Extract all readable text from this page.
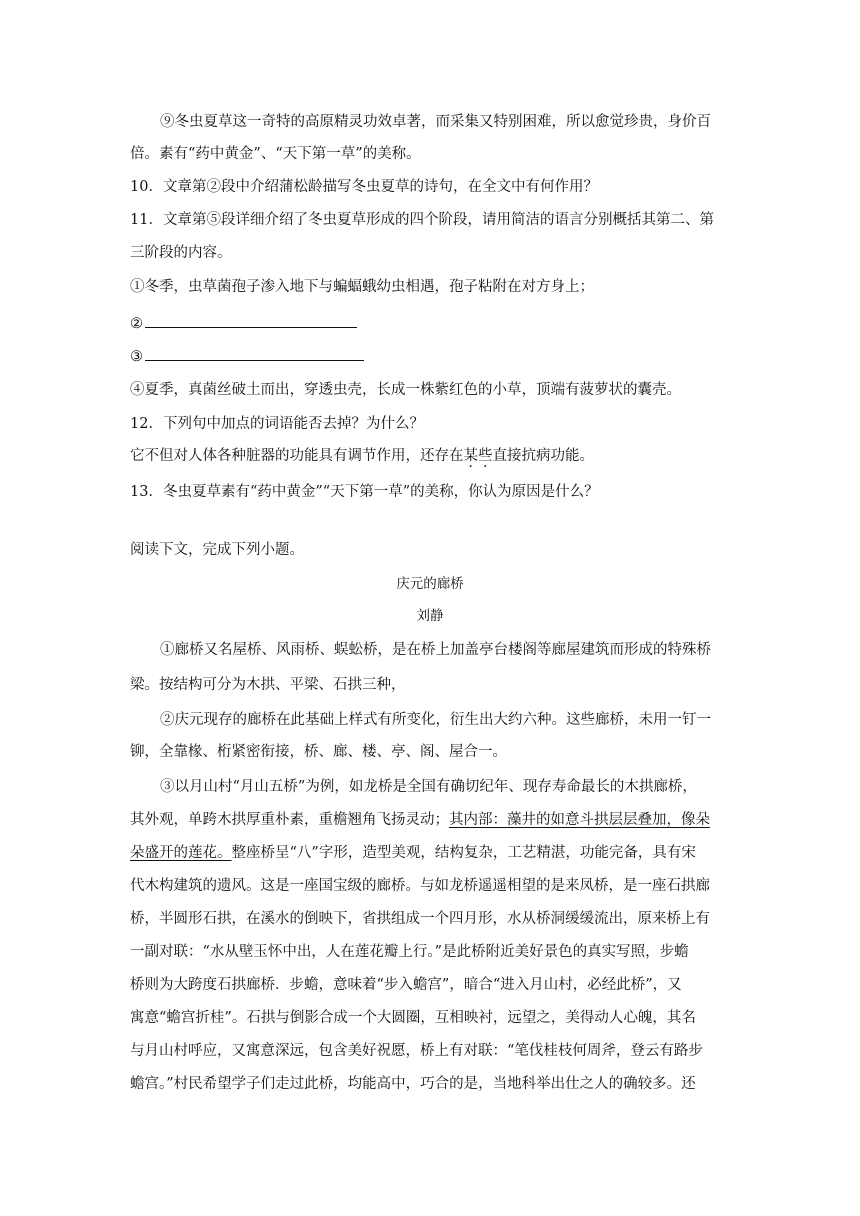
⑨冬虫夏草这一奇特的高原精灵功效卓著，而采集又特别困难，所以愈觉珍贵，身价百
倍。素有“药中黄金”、“天下第一草”的美称。
10．文章第②段中介绍蒲松龄描写冬虫夏草的诗句，在全文中有何作用？
11．文章第⑤段详细介绍了冬虫夏草形成的四个阶段，请用简洁的语言分别概括其第二、第
三阶段的内容。
①冬季，虫草菌孢子渗入地下与蝙蝠蛾幼虫相遇，孢子粘附在对方身上；
②
③
④夏季，真菌丝破土而出，穿透虫壳，长成一株紫红色的小草，顶端有菠萝状的囊壳。
12．下列句中加点的词语能否去掉？为什么？
它不但对人体各种脏器的功能具有调节作用，还存在某些直接抗病功能。
13．冬虫夏草素有“药中黄金”“天下第一草”的美称，你认为原因是什么？
阅读下文，完成下列小题。
庆元的廊桥
刘静
①廊桥又名屋桥、风雨桥、蜈蚣桥，是在桥上加盖亭台楼阁等廊屋建筑而形成的特殊桥
梁。按结构可分为木拱、平梁、石拱三种，
②庆元现存的廊桥在此基础上样式有所变化，衍生出大约六种。这些廊桥，未用一钉一
铆，全靠椽、桁紧密衔接，桥、廊、楼、亭、阁、屋合一。
③以月山村“月山五桥”为例，如龙桥是全国有确切纪年、现存寿命最长的木拱廊桥，
其外观，单跨木拱厚重朴素，重檐翘角飞扬灵动；其内部：藻井的如意斗拱层层叠加，像朵
朵盛开的莲花。整座桥呈“八”字形，造型美观，结构复杂，工艺精湛，功能完备，具有宋
代木构建筑的遗风。这是一座国宝级的廊桥。与如龙桥遥遥相望的是来凤桥，是一座石拱廊
桥，半圆形石拱，在溪水的倒映下，省拱组成一个四月形，水从桥洞缓缓流出，原来桥上有
一副对联：“水从壁玉怀中出，人在莲花瓣上行。”是此桥附近美好景色的真实写照，步蟾
桥则为大跨度石拱廊桥．步蟾，意味着“步入蟾宫”，暗合“进入月山村，必经此桥”，又
寓意“蟾宫折桂”。石拱与倒影合成一个大圆圈，互相映衬，远望之，美得动人心魄，其名
与月山村呼应，又寓意深远，包含美好祝愿，桥上有对联：“笔伐桂枝何周斧，登云有路步
蟾宫。”村民希望学子们走过此桥，均能高中，巧合的是，当地科举出仕之人的确较多。还
